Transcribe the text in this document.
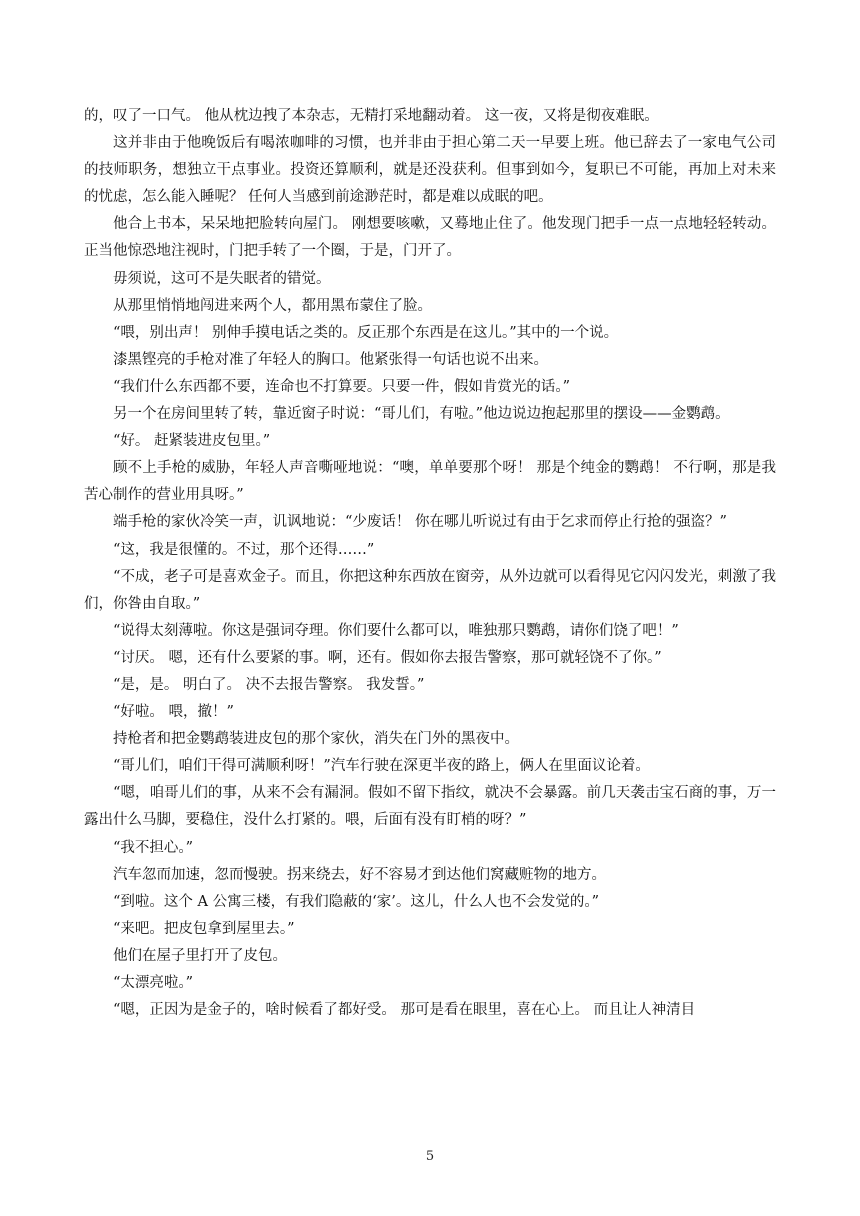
的，叹了一口气。 他从枕边拽了本杂志，无精打采地翻动着。 这一夜，又将是彻夜难眠。

这并非由于他晚饭后有喝浓咖啡的习惯，也并非由于担心第二天一早要上班。他已辞去了一家电气公司的技师职务，想独立干点事业。投资还算顺利，就是还没获利。但事到如今，复职已不可能，再加上对未来的忧虑，怎么能入睡呢？ 任何人当感到前途渺茫时，都是难以成眠的吧。

他合上书本，呆呆地把脸转向屋门。 刚想要咳嗽，又蓦地止住了。他发现门把手一点一点地轻轻转动。正当他惊恐地注视时，门把手转了一个圈，于是，门开了。

毋须说，这可不是失眠者的错觉。

从那里悄悄地闯进来两个人，都用黑布蒙住了脸。

“喂，别出声！ 别伸手摸电话之类的。反正那个东西是在这儿。”其中的一个说。

漆黑铿亮的手枪对准了年轻人的胸口。他紧张得一句话也说不出来。

“我们什么东西都不要，连命也不打算要。只要一件，假如肯赏光的话。”

另一个在房间里转了转，靠近窗子时说：“哥儿们，有啦。”他边说边抱起那里的摆设——金鹦鹉。

“好。 赶紧装进皮包里。”

顾不上手枪的威胁，年轻人声音嘶哑地说：“噢，单单要那个呀！ 那是个纯金的鹦鹉！ 不行啊，那是我苦心制作的营业用具呀。”

端手枪的家伙冷笑一声，讥讽地说：“少废话！ 你在哪儿听说过有由于乞求而停止行抢的强盗？”

“这，我是很懂的。不过，那个还得……”

“不成，老子可是喜欢金子。而且，你把这种东西放在窗旁，从外边就可以看得见它闪闪发光，刺激了我们，你咎由自取。”

“说得太刻薄啦。你这是强词夺理。你们要什么都可以，唯独那只鹦鹉，请你们饶了吧！”

“讨厌。 嗯，还有什么要紧的事。啊，还有。假如你去报告警察，那可就轻饶不了你。”

“是，是。 明白了。 决不去报告警察。 我发誓。”

“好啦。 喂，撤！”

持枪者和把金鹦鹉装进皮包的那个家伙，消失在门外的黑夜中。

“哥儿们，咱们干得可满顺利呀！”汽车行驶在深更半夜的路上，俩人在里面议论着。

“嗯，咱哥儿们的事，从来不会有漏洞。假如不留下指纹，就决不会暴露。前几天袭击宝石商的事，万一露出什么马脚，要稳住，没什么打紧的。喂，后面有没有盯梢的呀？”

“我不担心。”

汽车忽而加速，忽而慢驶。拐来绕去，好不容易才到达他们窝藏赃物的地方。

“到啦。这个 A 公寓三楼，有我们隐蔽的‘家’。这儿，什么人也不会发觉的。”

“来吧。把皮包拿到屋里去。”

他们在屋子里打开了皮包。

“太漂亮啦。”

“嗯，正因为是金子的，啥时候看了都好受。 那可是看在眼里，喜在心上。 而且让人神清目

5
